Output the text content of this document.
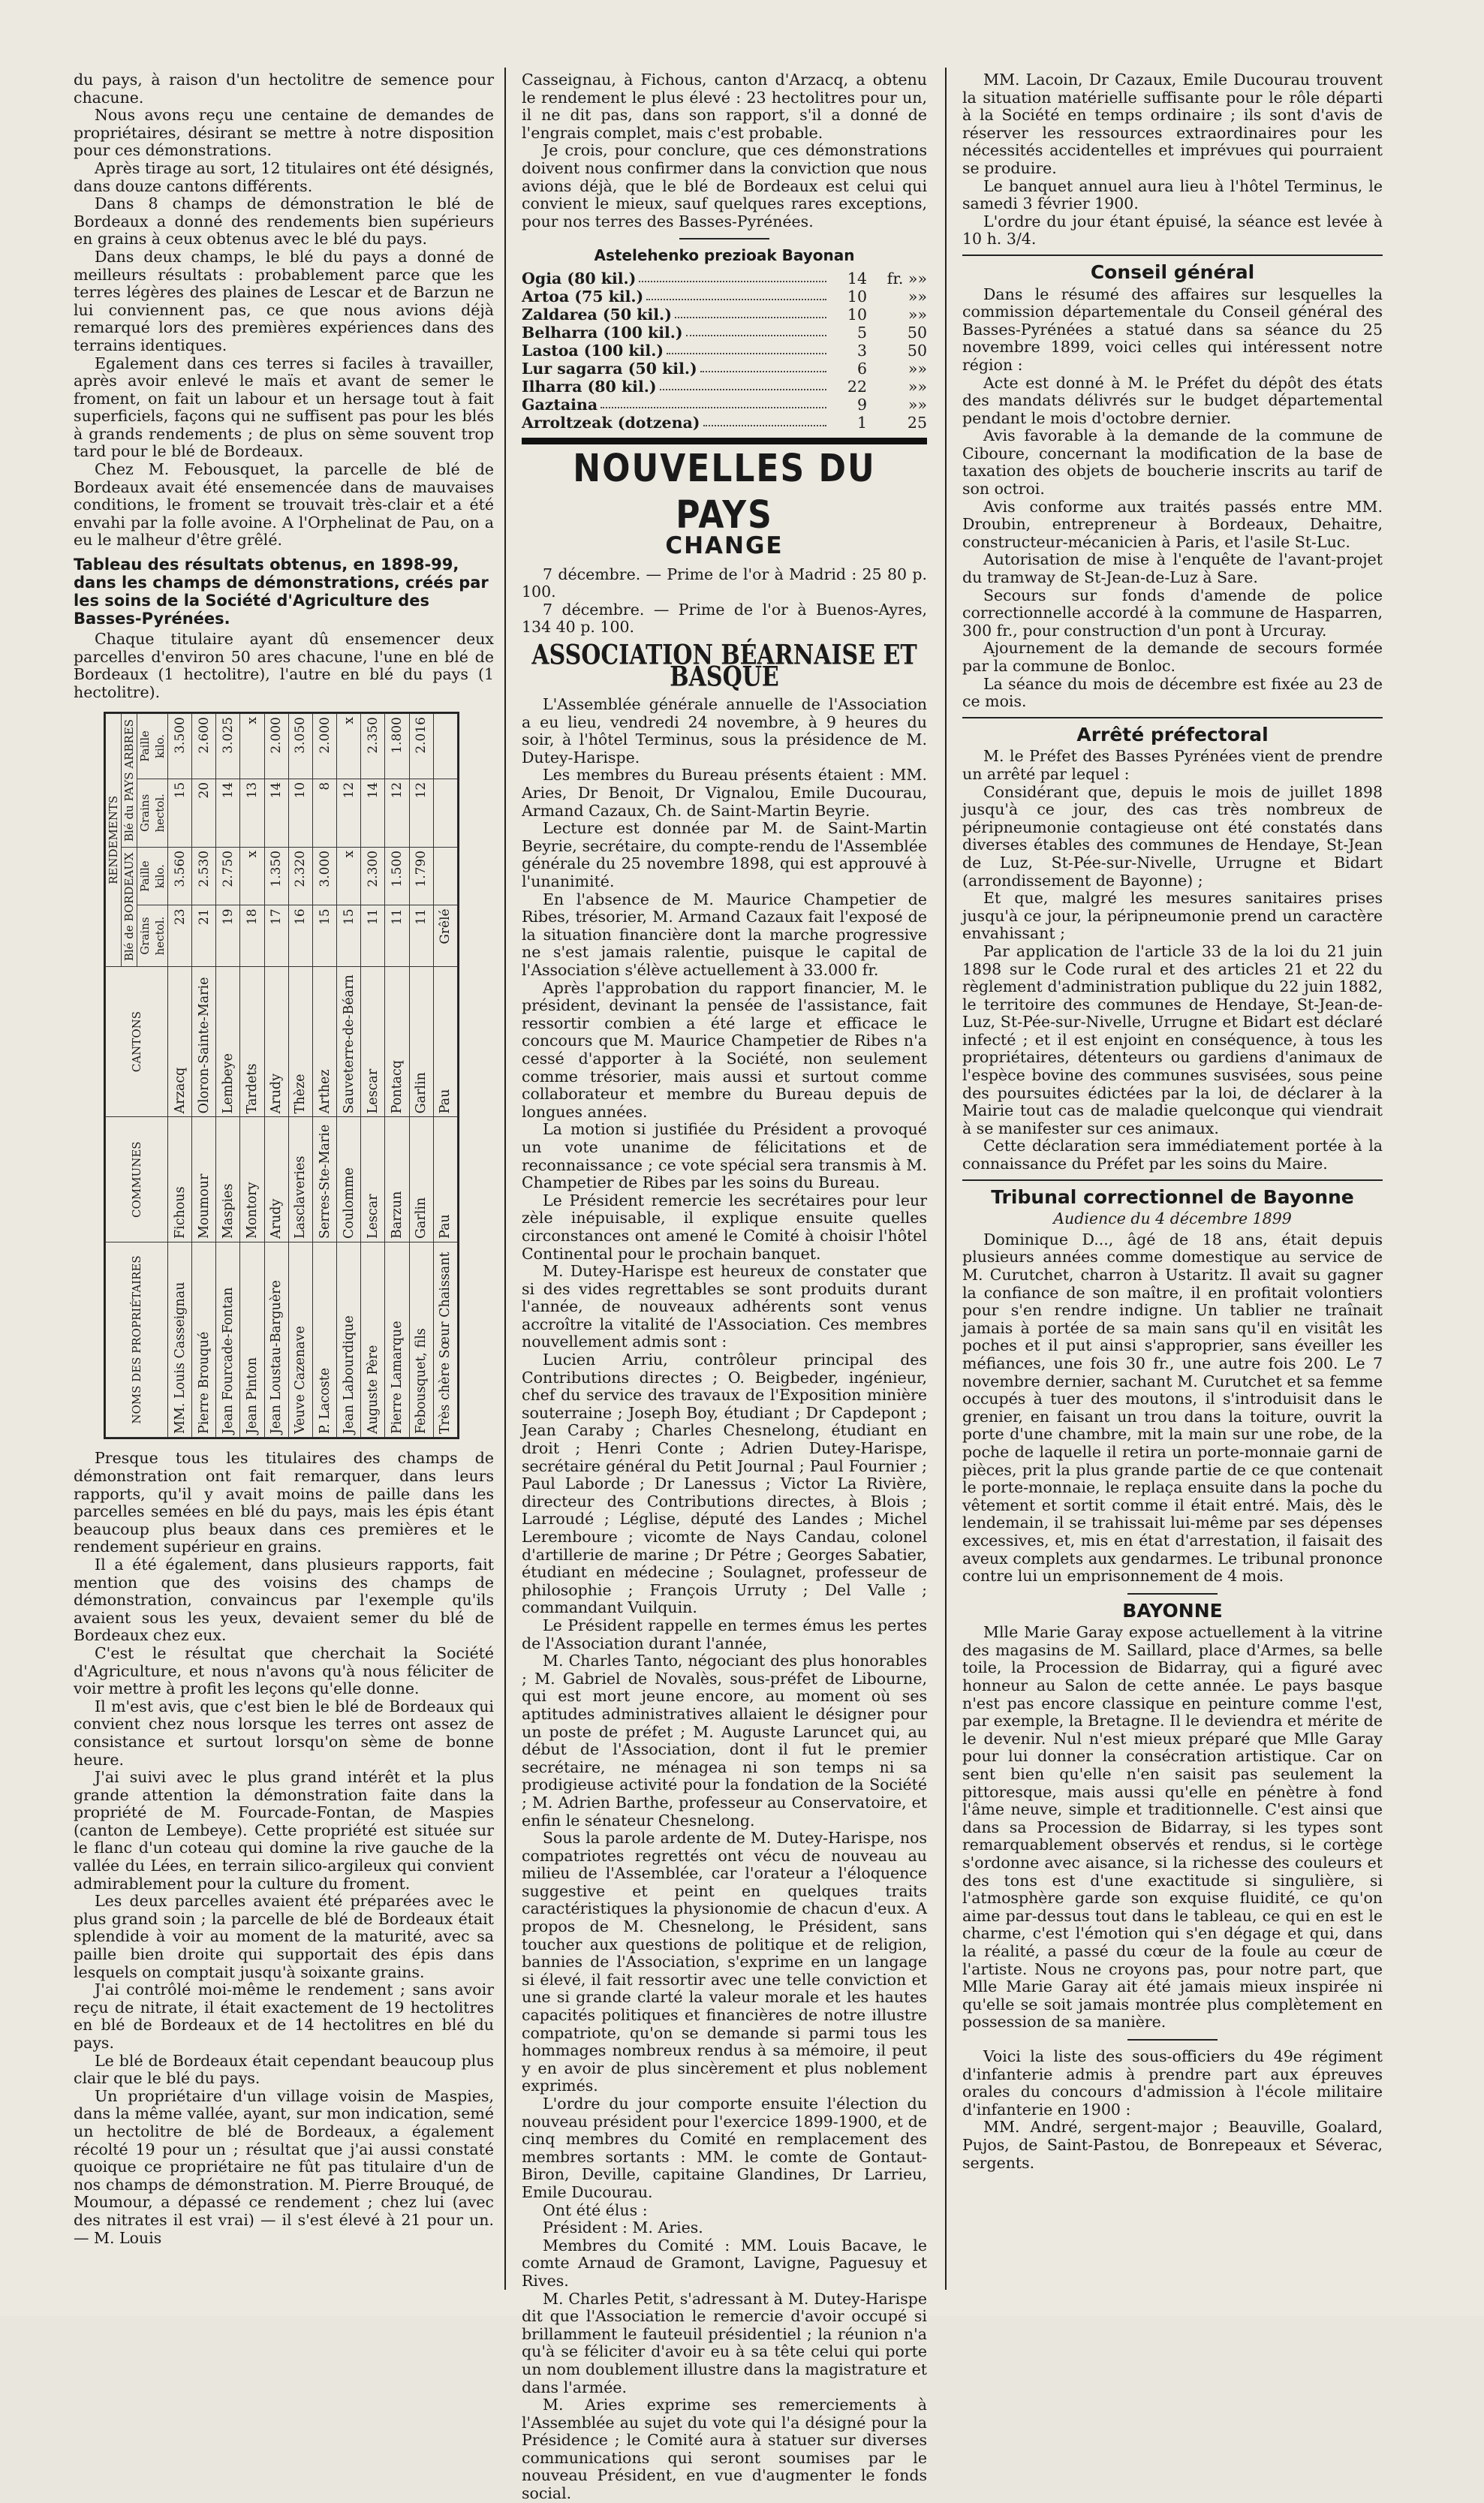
du pays, à raison d'un hectolitre de semence pour chacune.

Nous avons reçu une centaine de demandes de propriétaires, désirant se mettre à notre disposition pour ces démonstrations.

Après tirage au sort, 12 titulaires ont été désignés, dans douze cantons différents.

Dans 8 champs de démonstration le blé de Bordeaux a donné des rendements bien supérieurs en grains à ceux obtenus avec le blé du pays.

Dans deux champs, le blé du pays a donné de meilleurs résultats : probablement parce que les terres légères des plaines de Lescar et de Barzun ne lui conviennent pas, ce que nous avions déjà remarqué lors des premières expériences dans des terrains identiques.

Egalement dans ces terres si faciles à travailler, après avoir enlevé le maïs et avant de semer le froment, on fait un labour et un hersage tout à fait superficiels, façons qui ne suffisent pas pour les blés à grands rendements ; de plus on sème souvent trop tard pour le blé de Bordeaux.

Chez M. Febousquet, la parcelle de blé de Bordeaux avait été ensemencée dans de mauvaises conditions, le froment se trouvait très-clair et a été envahi par la folle avoine. A l'Orphelinat de Pau, on a eu le malheur d'être grêlé.

Tableau des résultats obtenus, en 1898-99, dans les champs de démonstrations, créés par les soins de la Société d'Agriculture des Basses-Pyrénées.

Chaque titulaire ayant dû ensemencer deux parcelles d'environ 50 ares chacune, l'une en blé de Bordeaux (1 hectolitre), l'autre en blé du pays (1 hectolitre).

NOMS DES PROPRIÉTAIRES	COMMUNES	CANTONS	RENDEMENTS			
			Blé de BORDEAUX		Blé du PAYS ARBRES	
			Grains hectol.	Paille kilo.	Grains hectol.	Paille kilo.
MM. Louis Casseignau	Fichous	Arzacq	23	3.560	15	3.500
Pierre Brouqué	Moumour	Oloron-Sainte-Marie	21	2.530	20	2.600
Jean Fourcade-Fontan	Maspies	Lembeye	19	2.750	14	3.025
Jean Pinton	Montory	Tardets	18	x	13	x
Jean Loustau-Barguère	Arudy	Arudy	17	1.350	14	2.000
Veuve Cazenave	Lasclaveries	Thèze	16	2.320	10	3.050
P. Lacoste	Serres-Ste-Marie	Arthez	15	3.000	8	2.000
Jean Labourdique	Coulomme	Sauveterre-de-Béarn	15	x	12	x
Auguste Père	Lescar	Lescar	11	2.300	14	2.350
Pierre Lamarque	Barzun	Pontacq	11	1.500	12	1.800
Febousquet, fils	Garlin	Garlin	11	1.790	12	2.016
Très chère Sœur Chaissant	Pau	Pau	Grêlé			

Presque tous les titulaires des champs de démonstration ont fait remarquer, dans leurs rapports, qu'il y avait moins de paille dans les parcelles semées en blé du pays, mais les épis étant beaucoup plus beaux dans ces premières et le rendement supérieur en grains.

Il a été également, dans plusieurs rapports, fait mention que des voisins des champs de démonstration, convaincus par l'exemple qu'ils avaient sous les yeux, devaient semer du blé de Bordeaux chez eux.

C'est le résultat que cherchait la Société d'Agriculture, et nous n'avons qu'à nous féliciter de voir mettre à profit les leçons qu'elle donne.

Il m'est avis, que c'est bien le blé de Bordeaux qui convient chez nous lorsque les terres ont assez de consistance et surtout lorsqu'on sème de bonne heure.

J'ai suivi avec le plus grand intérêt et la plus grande attention la démonstration faite dans la propriété de M. Fourcade-Fontan, de Maspies (canton de Lembeye). Cette propriété est située sur le flanc d'un coteau qui domine la rive gauche de la vallée du Lées, en terrain silico-argileux qui convient admirablement pour la culture du froment.

Les deux parcelles avaient été préparées avec le plus grand soin ; la parcelle de blé de Bordeaux était splendide à voir au moment de la maturité, avec sa paille bien droite qui supportait des épis dans lesquels on comptait jusqu'à soixante grains.

J'ai contrôlé moi-même le rendement ; sans avoir reçu de nitrate, il était exactement de 19 hectolitres en blé de Bordeaux et de 14 hectolitres en blé du pays.

Le blé de Bordeaux était cependant beaucoup plus clair que le blé du pays.

Un propriétaire d'un village voisin de Maspies, dans la même vallée, ayant, sur mon indication, semé un hectolitre de blé de Bordeaux, a également récolté 19 pour un ; résultat que j'ai aussi constaté quoique ce propriétaire ne fût pas titulaire d'un de nos champs de démonstration. M. Pierre Brouqué, de Moumour, a dépassé ce rendement ; chez lui (avec des nitrates il est vrai) — il s'est élevé à 21 pour un. — M. Louis

Casseignau, à Fichous, canton d'Arzacq, a obtenu le rendement le plus élevé : 23 hectolitres pour un, il ne dit pas, dans son rapport, s'il a donné de l'engrais complet, mais c'est probable.

Je crois, pour conclure, que ces démonstrations doivent nous confirmer dans la conviction que nous avions déjà, que le blé de Bordeaux est celui qui convient le mieux, sauf quelques rares exceptions, pour nos terres des Basses-Pyrénées.

Astelehenko prezioak Bayonan
Ogia (80 kil.)	14	fr. »»
Artoa (75 kil.)	10	»»
Zaldarea (50 kil.)	10	»»
Belharra (100 kil.)	5	50
Lastoa (100 kil.)	3	50
Lur sagarra (50 kil.)	6	»»
Ilharra (80 kil.)	22	»»
Gaztaina	9	»»
Arroltzeak (dotzena)	1	25
NOUVELLES DU PAYS
CHANGE

7 décembre. — Prime de l'or à Madrid : 25 80 p. 100.

7 décembre. — Prime de l'or à Buenos-Ayres, 134 40 p. 100.

ASSOCIATION BÉARNAISE ET BASQUE

L'Assemblée générale annuelle de l'Association a eu lieu, vendredi 24 novembre, à 9 heures du soir, à l'hôtel Terminus, sous la présidence de M. Dutey-Harispe.

Les membres du Bureau présents étaient : MM. Aries, Dr Benoit, Dr Vignalou, Emile Ducourau, Armand Cazaux, Ch. de Saint-Martin Beyrie.

Lecture est donnée par M. de Saint-Martin Beyrie, secrétaire, du compte-rendu de l'Assemblée générale du 25 novembre 1898, qui est approuvé à l'unanimité.

En l'absence de M. Maurice Champetier de Ribes, trésorier, M. Armand Cazaux fait l'exposé de la situation financière dont la marche progressive ne s'est jamais ralentie, puisque le capital de l'Association s'élève actuellement à 33.000 fr.

Après l'approbation du rapport financier, M. le président, devinant la pensée de l'assistance, fait ressortir combien a été large et efficace le concours que M. Maurice Champetier de Ribes n'a cessé d'apporter à la Société, non seulement comme trésorier, mais aussi et surtout comme collaborateur et membre du Bureau depuis de longues années.

La motion si justifiée du Président a provoqué un vote unanime de félicitations et de reconnaissance ; ce vote spécial sera transmis à M. Champetier de Ribes par les soins du Bureau.

Le Président remercie les secrétaires pour leur zèle inépuisable, il explique ensuite quelles circonstances ont amené le Comité à choisir l'hôtel Continental pour le prochain banquet.

M. Dutey-Harispe est heureux de constater que si des vides regrettables se sont produits durant l'année, de nouveaux adhérents sont venus accroître la vitalité de l'Association. Ces membres nouvellement admis sont :

Lucien Arriu, contrôleur principal des Contributions directes ; O. Beigbeder, ingénieur, chef du service des travaux de l'Exposition minière souterraine ; Joseph Boy, étudiant ; Dr Capdepont ; Jean Caraby ; Charles Chesnelong, étudiant en droit ; Henri Conte ; Adrien Dutey-Harispe, secrétaire général du Petit Journal ; Paul Fournier ; Paul Laborde ; Dr Lanessus ; Victor La Rivière, directeur des Contributions directes, à Blois ; Larroudé ; Léglise, député des Landes ; Michel Leremboure ; vicomte de Nays Candau, colonel d'artillerie de marine ; Dr Pétre ; Georges Sabatier, étudiant en médecine ; Soulagnet, professeur de philosophie ; François Urruty ; Del Valle ; commandant Vuilquin.

Le Président rappelle en termes émus les pertes de l'Association durant l'année,

M. Charles Tanto, négociant des plus honorables ; M. Gabriel de Novalès, sous-préfet de Libourne, qui est mort jeune encore, au moment où ses aptitudes administratives allaient le désigner pour un poste de préfet ; M. Auguste Laruncet qui, au début de l'Association, dont il fut le premier secrétaire, ne ménagea ni son temps ni sa prodigieuse activité pour la fondation de la Société ; M. Adrien Barthe, professeur au Conservatoire, et enfin le sénateur Chesnelong.

Sous la parole ardente de M. Dutey-Harispe, nos compatriotes regrettés ont vécu de nouveau au milieu de l'Assemblée, car l'orateur a l'éloquence suggestive et peint en quelques traits caractéristiques la physionomie de chacun d'eux. A propos de M. Chesnelong, le Président, sans toucher aux questions de politique et de religion, bannies de l'Association, s'exprime en un langage si élevé, il fait ressortir avec une telle conviction et une si grande clarté la valeur morale et les hautes capacités politiques et financières de notre illustre compatriote, qu'on se demande si parmi tous les hommages nombreux rendus à sa mémoire, il peut y en avoir de plus sincèrement et plus noblement exprimés.

L'ordre du jour comporte ensuite l'élection du nouveau président pour l'exercice 1899-1900, et de cinq membres du Comité en remplacement des membres sortants : MM. le comte de Gontaut-Biron, Deville, capitaine Glandines, Dr Larrieu, Emile Ducourau.

Ont été élus :

Président : M. Aries.

Membres du Comité : MM. Louis Bacave, le comte Arnaud de Gramont, Lavigne, Paguesuy et Rives.

M. Charles Petit, s'adressant à M. Dutey-Harispe dit que l'Association le remercie d'avoir occupé si brillamment le fauteuil présidentiel ; la réunion n'a qu'à se féliciter d'avoir eu à sa tête celui qui porte un nom doublement illustre dans la magistrature et dans l'armée.

M. Aries exprime ses remerciements à l'Assemblée au sujet du vote qui l'a désigné pour la Présidence ; le Comité aura à statuer sur diverses communications qui seront soumises par le nouveau Président, en vue d'augmenter le fonds social.

MM. Lacoin, Dr Cazaux, Emile Ducourau trouvent la situation matérielle suffisante pour le rôle départi à la Société en temps ordinaire ; ils sont d'avis de réserver les ressources extraordinaires pour les nécessités accidentelles et imprévues qui pourraient se produire.

Le banquet annuel aura lieu à l'hôtel Terminus, le samedi 3 février 1900.

L'ordre du jour étant épuisé, la séance est levée à 10 h. 3/4.

Conseil général

Dans le résumé des affaires sur lesquelles la commission départementale du Conseil général des Basses-Pyrénées a statué dans sa séance du 25 novembre 1899, voici celles qui intéressent notre région :

Acte est donné à M. le Préfet du dépôt des états des mandats délivrés sur le budget départemental pendant le mois d'octobre dernier.

Avis favorable à la demande de la commune de Ciboure, concernant la modification de la base de taxation des objets de boucherie inscrits au tarif de son octroi.

Avis conforme aux traités passés entre MM. Droubin, entrepreneur à Bordeaux, Dehaitre, constructeur-mécanicien à Paris, et l'asile St-Luc.

Autorisation de mise à l'enquête de l'avant-projet du tramway de St-Jean-de-Luz à Sare.

Secours sur fonds d'amende de police correctionnelle accordé à la commune de Hasparren, 300 fr., pour construction d'un pont à Urcuray.

Ajournement de la demande de secours formée par la commune de Bonloc.

La séance du mois de décembre est fixée au 23 de ce mois.

Arrêté préfectoral

M. le Préfet des Basses Pyrénées vient de prendre un arrêté par lequel :

Considérant que, depuis le mois de juillet 1898 jusqu'à ce jour, des cas très nombreux de péripneumonie contagieuse ont été constatés dans diverses étables des communes de Hendaye, St-Jean de Luz, St-Pée-sur-Nivelle, Urrugne et Bidart (arrondissement de Bayonne) ;

Et que, malgré les mesures sanitaires prises jusqu'à ce jour, la péripneumonie prend un caractère envahissant ;

Par application de l'article 33 de la loi du 21 juin 1898 sur le Code rural et des articles 21 et 22 du règlement d'administration publique du 22 juin 1882, le territoire des communes de Hendaye, St-Jean-de-Luz, St-Pée-sur-Nivelle, Urrugne et Bidart est déclaré infecté ; et il est enjoint en conséquence, à tous les propriétaires, détenteurs ou gardiens d'animaux de l'espèce bovine des communes susvisées, sous peine des poursuites édictées par la loi, de déclarer à la Mairie tout cas de maladie quelconque qui viendrait à se manifester sur ces animaux.

Cette déclaration sera immédiatement portée à la connaissance du Préfet par les soins du Maire.

Tribunal correctionnel de Bayonne
Audience du 4 décembre 1899

Dominique D..., âgé de 18 ans, était depuis plusieurs années comme domestique au service de M. Curutchet, charron à Ustaritz. Il avait su gagner la confiance de son maître, il en profitait volontiers pour s'en rendre indigne. Un tablier ne traînait jamais à portée de sa main sans qu'il en visitât les poches et il put ainsi s'approprier, sans éveiller les méfiances, une fois 30 fr., une autre fois 200. Le 7 novembre dernier, sachant M. Curutchet et sa femme occupés à tuer des moutons, il s'introduisit dans le grenier, en faisant un trou dans la toiture, ouvrit la porte d'une chambre, mit la main sur une robe, de la poche de laquelle il retira un porte-monnaie garni de pièces, prit la plus grande partie de ce que contenait le porte-monnaie, le replaça ensuite dans la poche du vêtement et sortit comme il était entré. Mais, dès le lendemain, il se trahissait lui-même par ses dépenses excessives, et, mis en état d'arrestation, il faisait des aveux complets aux gendarmes. Le tribunal prononce contre lui un emprisonnement de 4 mois.

BAYONNE

Mlle Marie Garay expose actuellement à la vitrine des magasins de M. Saillard, place d'Armes, sa belle toile, la Procession de Bidarray, qui a figuré avec honneur au Salon de cette année. Le pays basque n'est pas encore classique en peinture comme l'est, par exemple, la Bretagne. Il le deviendra et mérite de le devenir. Nul n'est mieux préparé que Mlle Garay pour lui donner la consécration artistique. Car on sent bien qu'elle n'en saisit pas seulement la pittoresque, mais aussi qu'elle en pénètre à fond l'âme neuve, simple et traditionnelle. C'est ainsi que dans sa Procession de Bidarray, si les types sont remarquablement observés et rendus, si le cortège s'ordonne avec aisance, si la richesse des couleurs et des tons est d'une exactitude si singulière, si l'atmosphère garde son exquise fluidité, ce qu'on aime par-dessus tout dans le tableau, ce qui en est le charme, c'est l'émotion qui s'en dégage et qui, dans la réalité, a passé du cœur de la foule au cœur de l'artiste. Nous ne croyons pas, pour notre part, que Mlle Marie Garay ait été jamais mieux inspirée ni qu'elle se soit jamais montrée plus complètement en possession de sa manière.

Voici la liste des sous-officiers du 49e régiment d'infanterie admis à prendre part aux épreuves orales du concours d'admission à l'école militaire d'infanterie en 1900 :

MM. André, sergent-major ; Beauville, Goalard, Pujos, de Saint-Pastou, de Bonrepeaux et Séverac, sergents.
